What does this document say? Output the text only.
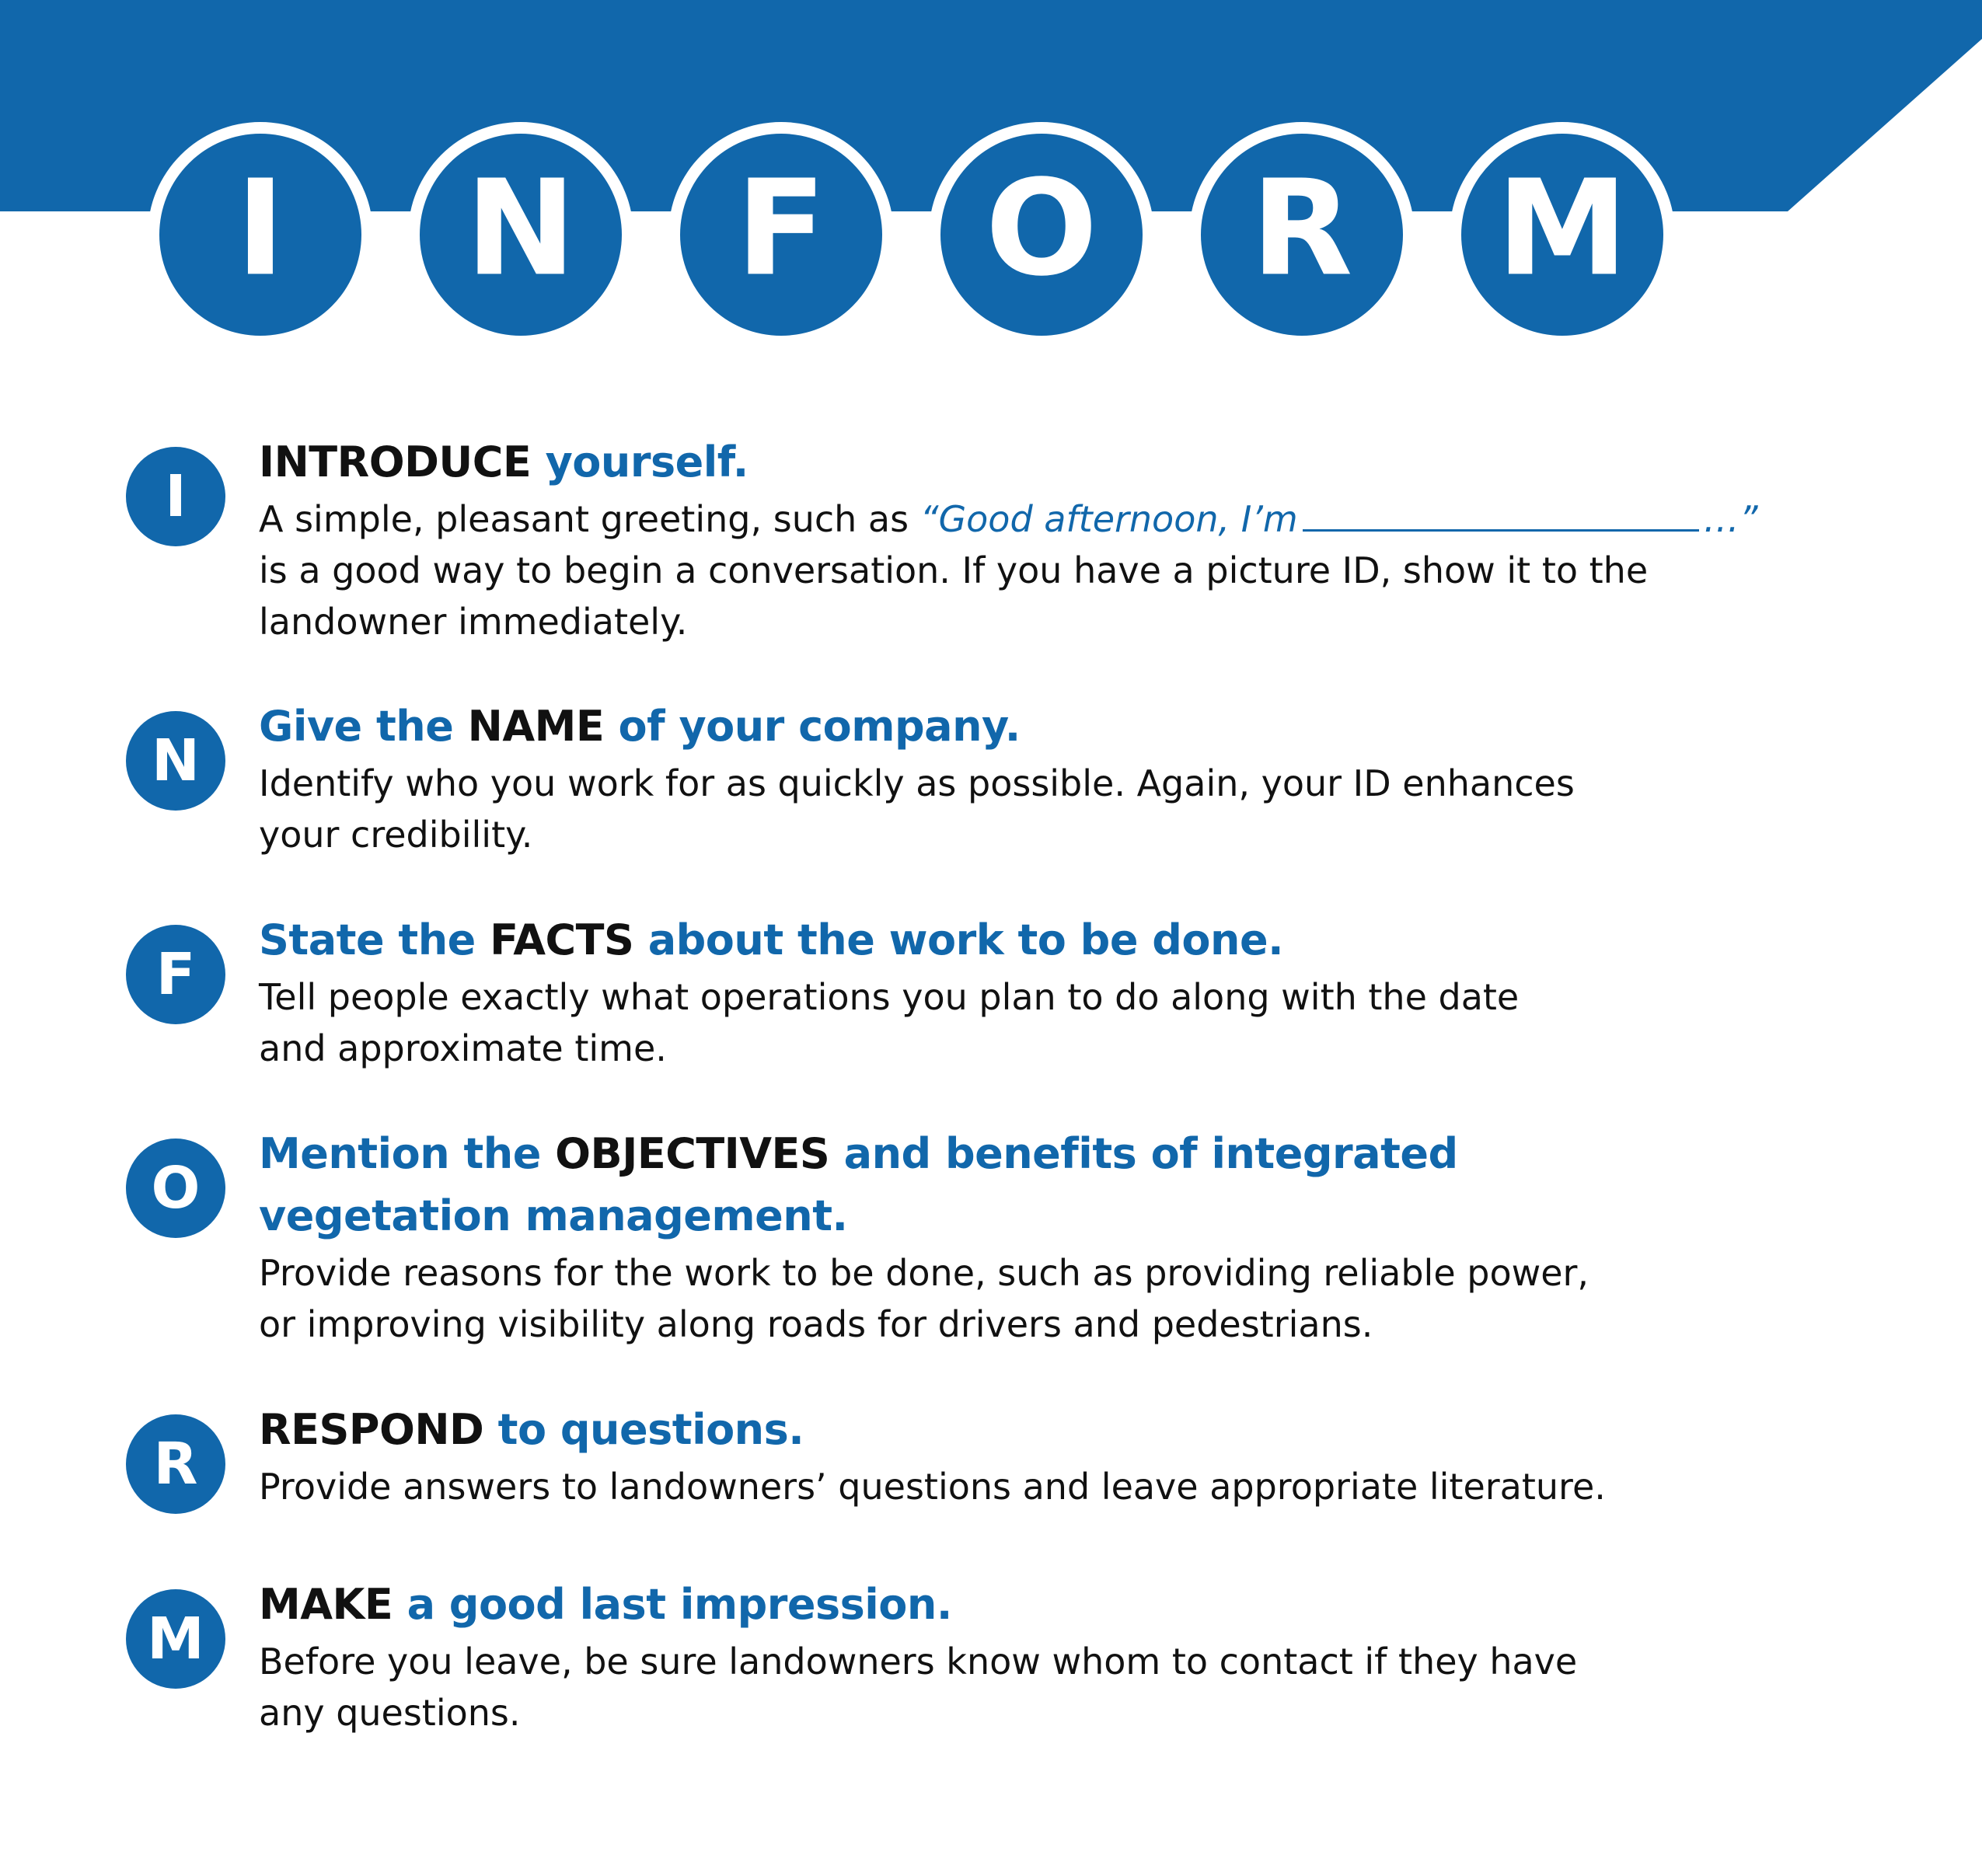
I N F O R M
I
INTRODUCE yourself.
A simple, pleasant greeting, such as “Good afternoon, I’m	…”
is a good way to begin a conversation. If you have a picture ID, show it to the
landowner immediately.
N
Give the NAME of your company.
Identify who you work for as quickly as possible. Again, your ID enhances
your credibility.
F
State the FACTS about the work to be done.
Tell people exactly what operations you plan to do along with the date
and approximate time.
O
Mention the OBJECTIVES and benefits of integrated
vegetation management.
Provide reasons for the work to be done, such as providing reliable power,
or improving visibility along roads for drivers and pedestrians.
R
RESPOND to questions.
Provide answers to landowners’ questions and leave appropriate literature.
M
MAKE a good last impression.
Before you leave, be sure landowners know whom to contact if they have
any questions.
